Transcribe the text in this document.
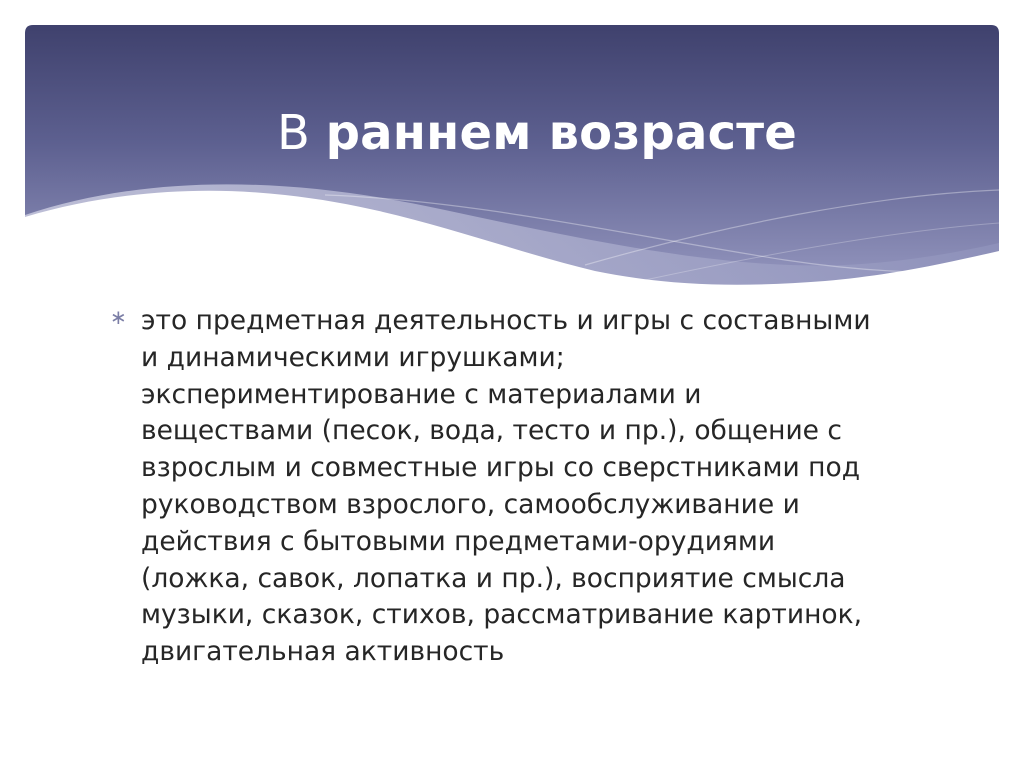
В раннем возрасте
∗ это предметная деятельность и игры с составными
и динамическими игрушками;
экспериментирование с материалами и
веществами (песок, вода, тесто и пр.), общение с
взрослым и совместные игры со сверстниками под
руководством взрослого, самообслуживание и
действия с бытовыми предметами-орудиями
(ложка, савок, лопатка и пр.), восприятие смысла
музыки, сказок, стихов, рассматривание картинок,
двигательная активность
